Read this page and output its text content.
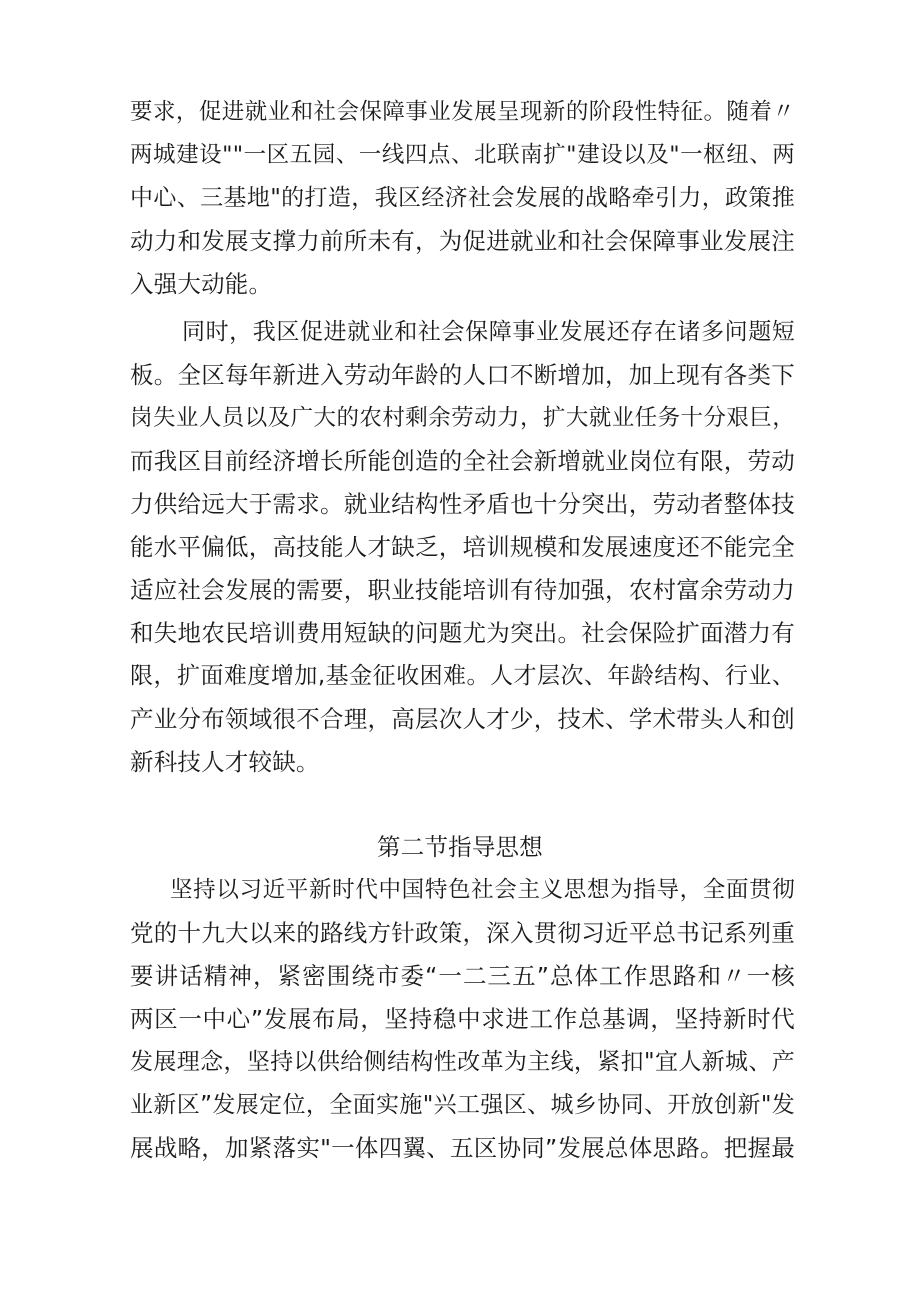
要求，促进就业和社会保障事业发展呈现新的阶段性特征。随着〃
两城建设""一区五园、一线四点、北联南扩"建设以及"一枢纽、两
中心、三基地"的打造，我区经济社会发展的战略牵引力，政策推
动力和发展支撑力前所未有，为促进就业和社会保障事业发展注
入强大动能。
同时，我区促进就业和社会保障事业发展还存在诸多问题短
板。全区每年新进入劳动年龄的人口不断增加，加上现有各类下
岗失业人员以及广大的农村剩余劳动力，扩大就业任务十分艰巨，
而我区目前经济增长所能创造的全社会新增就业岗位有限，劳动
力供给远大于需求。就业结构性矛盾也十分突出，劳动者整体技
能水平偏低，高技能人才缺乏，培训规模和发展速度还不能完全
适应社会发展的需要，职业技能培训有待加强，农村富余劳动力
和失地农民培训费用短缺的问题尤为突出。社会保险扩面潜力有
限，扩面难度增加,基金征收困难。人才层次、年龄结构、行业、
产业分布领域很不合理，高层次人才少，技术、学术带头人和创
新科技人才较缺。
第二节指导思想
坚持以习近平新时代中国特色社会主义思想为指导，全面贯彻
党的十九大以来的路线方针政策，深入贯彻习近平总书记系列重
要讲话精神，紧密围绕市委“一二三五”总体工作思路和〃一核
两区一中心”发展布局，坚持稳中求进工作总基调，坚持新时代
发展理念，坚持以供给侧结构性改革为主线，紧扣"宜人新城、产
业新区”发展定位，全面实施"兴工强区、城乡协同、开放创新"发
展战略，加紧落实"一体四翼、五区协同”发展总体思路。把握最
